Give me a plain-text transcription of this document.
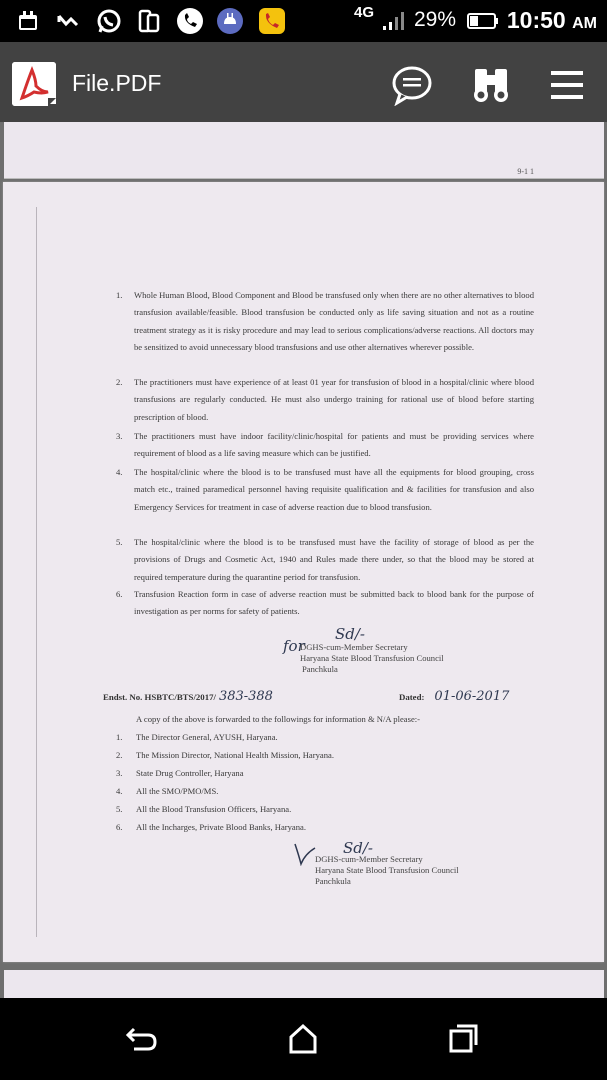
4G 29% 10:50 AM
File.PDF
9-1 1
1.	Whole Human Blood, Blood Component and Blood be transfused only when there are no other alternatives to blood transfusion available/feasible. Blood transfusion be conducted only as life saving situation and not as a routine treatment strategy as it is risky procedure and may lead to serious complications/adverse reactions. All doctors may be sensitized to avoid unnecessary blood transfusions and use other alternatives wherever possible.
2.	The practitioners must have experience of at least 01 year for transfusion of blood in a hospital/clinic where blood transfusions are regularly conducted. He must also undergo training for rational use of blood before starting prescription of blood.
3.	The practitioners must have indoor facility/clinic/hospital for patients and must be providing services where requirement of blood as a life saving measure which can be justified.
4.	The hospital/clinic where the blood is to be transfused must have all the equipments for blood grouping, cross match etc., trained paramedical personnel having requisite qualification and & facilities for transfusion and also Emergency Services for treatment in case of adverse reaction due to blood transfusion.
5.	The hospital/clinic where the blood is to be transfused must have the facility of storage of blood as per the provisions of Drugs and Cosmetic Act, 1940 and Rules made there under, so that the blood may be stored at required temperature during the quarantine period for transfusion.
6.	Transfusion Reaction form in case of adverse reaction must be submitted back to blood bank for the purpose of investigation as per norms for safety of patients.
Sd/-
for
DGHS-cum-Member Secretary
Haryana State Blood Transfusion Council
Panchkula
Endst. No. HSBTC/BTS/2017/ 383-388	Dated: 01-06-2017
A copy of the above is forwarded to the followings for information & N/A please:-
1. The Director General, AYUSH, Haryana.
2. The Mission Director, National Health Mission, Haryana.
3. State Drug Controller, Haryana
4. All the SMO/PMO/MS.
5. All the Blood Transfusion Officers, Haryana.
6. All the Incharges, Private Blood Banks, Haryana.
Sd/-
DGHS-cum-Member Secretary
Haryana State Blood Transfusion Council
Panchkula
